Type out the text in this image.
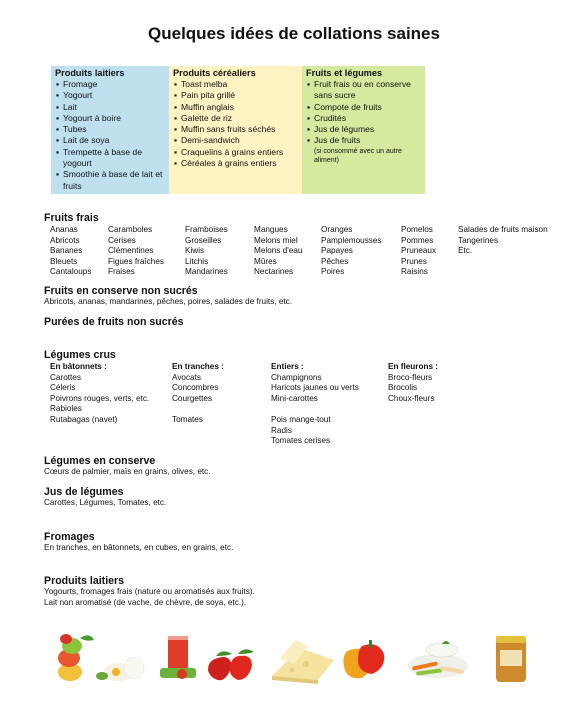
Quelques idées de collations saines
Produits laitiers
▪ Fromage
▪ Yogourt
▪ Lait
▪ Yogourt à boire
▪ Tubes
▪ Lait de soya
▪ Trempette à base de yogourt
▪ Smoothie à base de lait et fruits
Produits céréaliers
▪ Toast melba
▪ Pain pita grillé
▪ Muffin anglais
▪ Galette de riz
▪ Muffin sans fruits séchés
▪ Demi-sandwich
▪ Craquelins à grains entiers
▪ Céréales à grains entiers
Fruits et légumes
▪ Fruit frais ou en conserve sans sucre
▪ Compote de fruits
▪ Crudités
▪ Jus de légumes
▪ Jus de fruits (si consommé avec un autre aliment)
Fruits frais
Ananas
Abricots
Bananes
Bleuets
Cantaloups
Caramboles
Cerises
Clémentines
Figues fraîches
Fraises
Framboises
Groseilles
Kiwis
Litchis
Mandarines
Mangues
Melons miel
Melons d'eau
Mûres
Nectarines
Oranges
Pamplemousses
Papayes
Pêches
Poires
Pomelos
Pommes
Pruneaux
Prunes
Raisins
Salades de fruits maison
Tangerines
Etc.
Fruits en conserve non sucrés

Abricots, ananas, mandarines, pêches, poires, salades de fruits, etc.

Purées de fruits non sucrés
Légumes crus
En bâtonnets :
Carottes
Céleris
Poivrons rouges, verts, etc.
Rabioles
Rutabagas (navet)
En tranches :
Avocats
Concombres
Courgettes
Tomates
Entiers :
Champignons
Haricots jaunes ou verts
Mini-carottes
Pois mange-tout
Radis
Tomates cerises
En fleurons :
Broco-fleurs
Brocolis
Choux-fleurs
Légumes en conserve

Cœurs de palmier, maïs en grains, olives, etc.

Jus de légumes

Carottes, Légumes, Tomates, etc.

Fromages

En tranches, en bâtonnets, en cubes, en grains, etc.

Produits laitiers

Yogourts, fromages frais (nature ou aromatisés aux fruits).

Lait non aromatisé (de vache, de chèvre, de soya, etc.).
